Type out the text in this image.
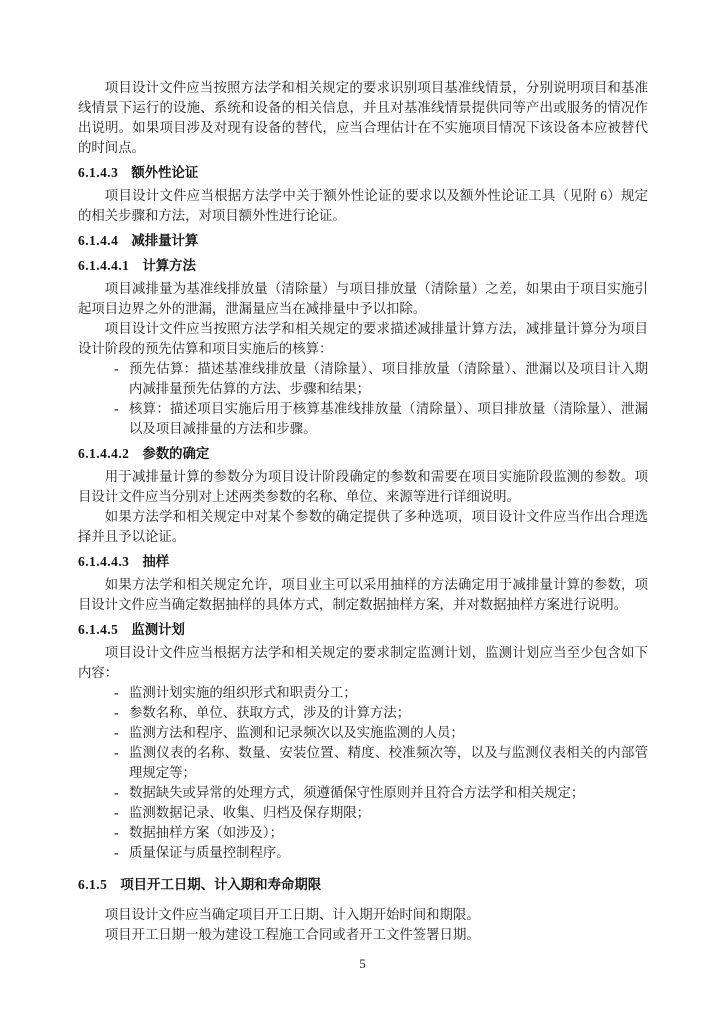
项目设计文件应当按照方法学和相关规定的要求识别项目基准线情景，分别说明项目和基准线情景下运行的设施、系统和设备的相关信息，并且对基准线情景提供同等产出或服务的情况作出说明。如果项目涉及对现有设备的替代，应当合理估计在不实施项目情况下该设备本应被替代的时间点。

6.1.4.3 额外性论证

项目设计文件应当根据方法学中关于额外性论证的要求以及额外性论证工具（见附 6）规定的相关步骤和方法，对项目额外性进行论证。

6.1.4.4 减排量计算
6.1.4.4.1 计算方法

项目减排量为基准线排放量（清除量）与项目排放量（清除量）之差，如果由于项目实施引起项目边界之外的泄漏，泄漏量应当在减排量中予以扣除。

项目设计文件应当按照方法学和相关规定的要求描述减排量计算方法，减排量计算分为项目设计阶段的预先估算和项目实施后的核算：

- 预先估算：描述基准线排放量（清除量）、项目排放量（清除量）、泄漏以及项目计入期内减排量预先估算的方法、步骤和结果；
- 核算：描述项目实施后用于核算基准线排放量（清除量）、项目排放量（清除量）、泄漏以及项目减排量的方法和步骤。
6.1.4.4.2 参数的确定

用于减排量计算的参数分为项目设计阶段确定的参数和需要在项目实施阶段监测的参数。项目设计文件应当分别对上述两类参数的名称、单位、来源等进行详细说明。

如果方法学和相关规定中对某个参数的确定提供了多种选项，项目设计文件应当作出合理选择并且予以论证。

6.1.4.4.3 抽样

如果方法学和相关规定允许，项目业主可以采用抽样的方法确定用于减排量计算的参数，项目设计文件应当确定数据抽样的具体方式，制定数据抽样方案，并对数据抽样方案进行说明。

6.1.4.5 监测计划

项目设计文件应当根据方法学和相关规定的要求制定监测计划，监测计划应当至少包含如下内容：

- 监测计划实施的组织形式和职责分工；
- 参数名称、单位、获取方式，涉及的计算方法；
- 监测方法和程序、监测和记录频次以及实施监测的人员；
- 监测仪表的名称、数量、安装位置、精度、校准频次等，以及与监测仪表相关的内部管理规定等；
- 数据缺失或异常的处理方式，须遵循保守性原则并且符合方法学和相关规定；
- 监测数据记录、收集、归档及保存期限；
- 数据抽样方案（如涉及）；
- 质量保证与质量控制程序。
6.1.5 项目开工日期、计入期和寿命期限

项目设计文件应当确定项目开工日期、计入期开始时间和期限。

项目开工日期一般为建设工程施工合同或者开工文件签署日期。

5
